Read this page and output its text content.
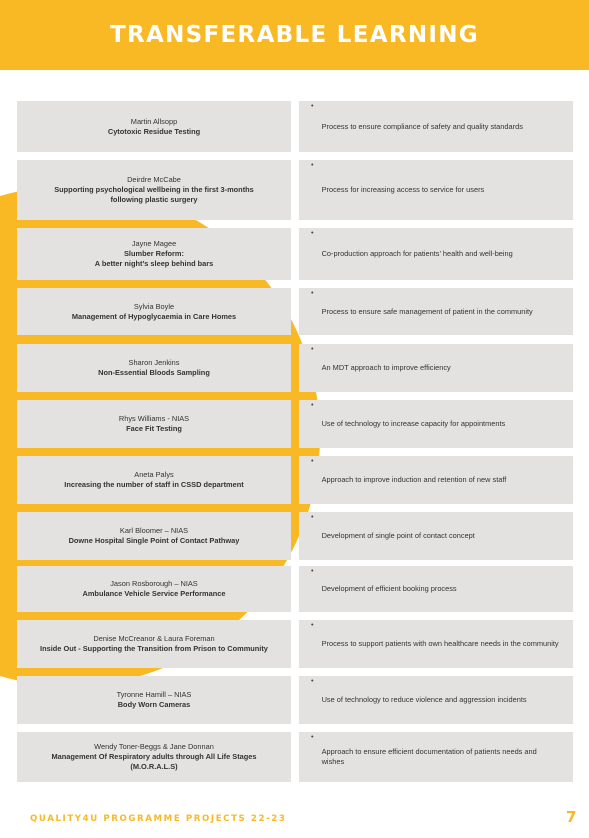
TRANSFERABLE LEARNING
Martin Allsopp
Cytotoxic Residue Testing
•
Process to ensure compliance of safety and quality standards
Deirdre McCabe
Supporting psychological wellbeing in the first 3-months
following plastic surgery
•
Process for increasing access to service for users
Jayne Magee
Slumber Reform:
A better night’s sleep behind bars
•
Co-production approach for patients’ health and well-being
Sylvia Boyle
Management of Hypoglycaemia in Care Homes
•
Process to ensure safe management of patient in the community
Sharon Jenkins
Non-Essential Bloods Sampling
•
An MDT approach to improve efficiency
Rhys Williams - NIAS
Face Fit Testing
•
Use of technology to increase capacity for appointments
Aneta Palys
Increasing the number of staff in CSSD department
•
Approach to improve induction and retention of new staff
Karl Bloomer – NIAS
Downe Hospital Single Point of Contact Pathway
•
Development of single point of contact concept
Jason Rosborough – NIAS
Ambulance Vehicle Service Performance
•
Development of efficient booking process
Denise McCreanor & Laura Foreman
Inside Out - Supporting the Transition from Prison to Community
•
Process to support patients with own healthcare needs in the community
Tyronne Hamill – NIAS
Body Worn Cameras
•
Use of technology to reduce violence and aggression incidents
Wendy Toner-Beggs & Jane Donnan
Management Of Respiratory adults through All Life Stages
(M.O.R.A.L.S)
•
Approach to ensure efficient documentation of patients needs and wishes
QUALITY4U PROGRAMME PROJECTS 22-23	7
